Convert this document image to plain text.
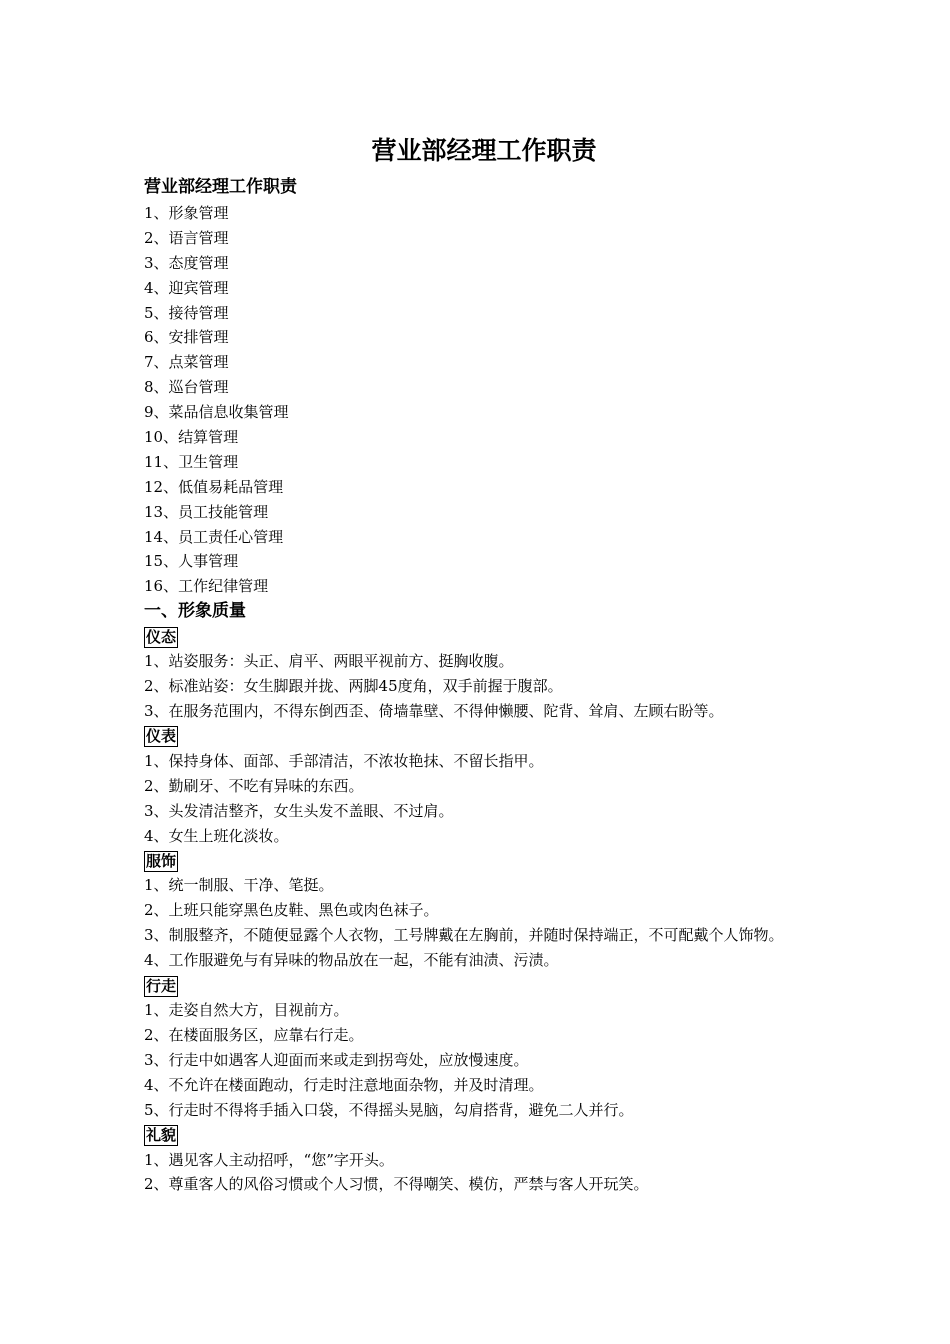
营业部经理工作职责
营业部经理工作职责
1、形象管理
2、语言管理
3、态度管理
4、迎宾管理
5、接待管理
6、安排管理
7、点菜管理
8、巡台管理
9、菜品信息收集管理
10、结算管理
11、卫生管理
12、低值易耗品管理
13、员工技能管理
14、员工责任心管理
15、人事管理
16、工作纪律管理
一、形象质量
仪态
1、站姿服务：头正、肩平、两眼平视前方、挺胸收腹。
2、标准站姿：女生脚跟并拢、两脚45度角，双手前握于腹部。
3、在服务范围内，不得东倒西歪、倚墙靠壁、不得伸懒腰、陀背、耸肩、左顾右盼等。
仪表
1、保持身体、面部、手部清洁，不浓妆艳抹、不留长指甲。
2、勤刷牙、不吃有异味的东西。
3、头发清洁整齐，女生头发不盖眼、不过肩。
4、女生上班化淡妆。
服饰
1、统一制服、干净、笔挺。
2、上班只能穿黑色皮鞋、黑色或肉色袜子。
3、制服整齐，不随便显露个人衣物，工号牌戴在左胸前，并随时保持端正，不可配戴个人饰物。
4、工作服避免与有异味的物品放在一起，不能有油渍、污渍。
行走
1、走姿自然大方，目视前方。
2、在楼面服务区，应靠右行走。
3、行走中如遇客人迎面而来或走到拐弯处，应放慢速度。
4、不允许在楼面跑动，行走时注意地面杂物，并及时清理。
5、行走时不得将手插入口袋，不得摇头晃脑，勾肩搭背，避免二人并行。
礼貌
1、遇见客人主动招呼，“您”字开头。
2、尊重客人的风俗习惯或个人习惯，不得嘲笑、模仿，严禁与客人开玩笑。
